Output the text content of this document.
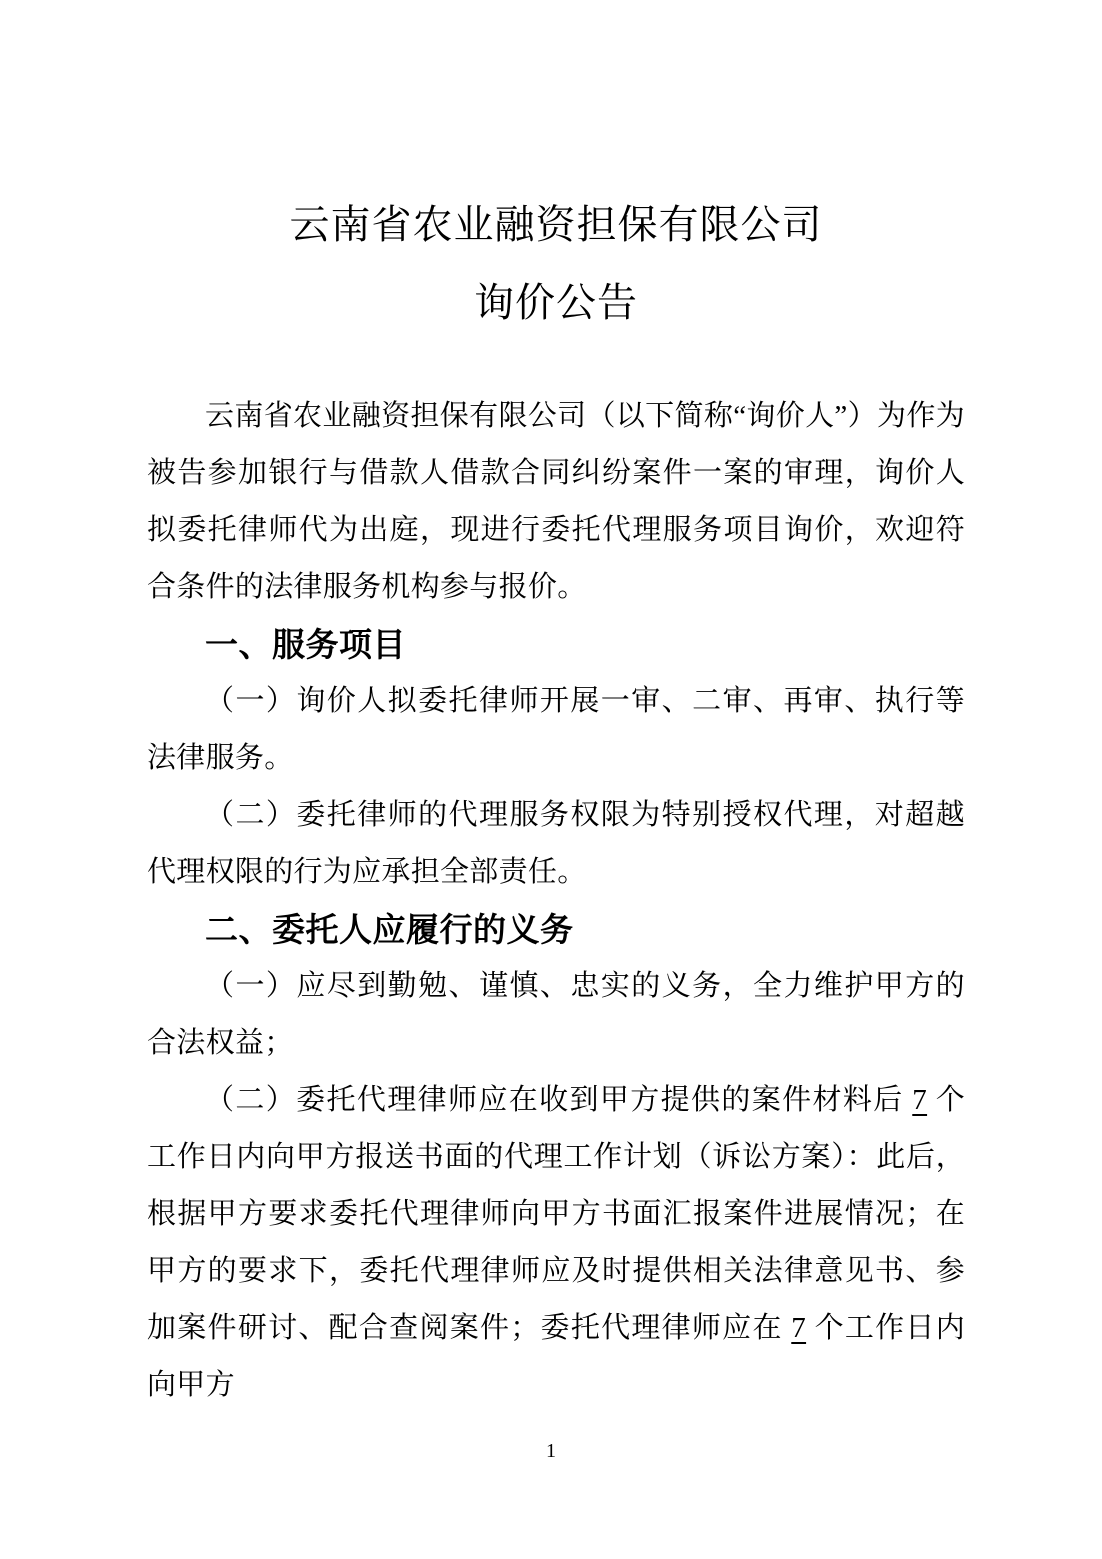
云南省农业融资担保有限公司
询价公告

云南省农业融资担保有限公司（以下简称“询价人”）为作为被告参加银行与借款人借款合同纠纷案件一案的审理，询价人拟委托律师代为出庭，现进行委托代理服务项目询价，欢迎符合条件的法律服务机构参与报价。

一、服务项目

（一）询价人拟委托律师开展一审、二审、再审、执行等法律服务。

（二）委托律师的代理服务权限为特别授权代理，对超越代理权限的行为应承担全部责任。

二、委托人应履行的义务

（一）应尽到勤勉、谨慎、忠实的义务，全力维护甲方的合法权益；

（二）委托代理律师应在收到甲方提供的案件材料后 7 个工作日内向甲方报送书面的代理工作计划（诉讼方案）：此后，根据甲方要求委托代理律师向甲方书面汇报案件进展情况；在甲方的要求下，委托代理律师应及时提供相关法律意见书、参加案件研讨、配合查阅案件；委托代理律师应在 7 个工作日内向甲方

1
